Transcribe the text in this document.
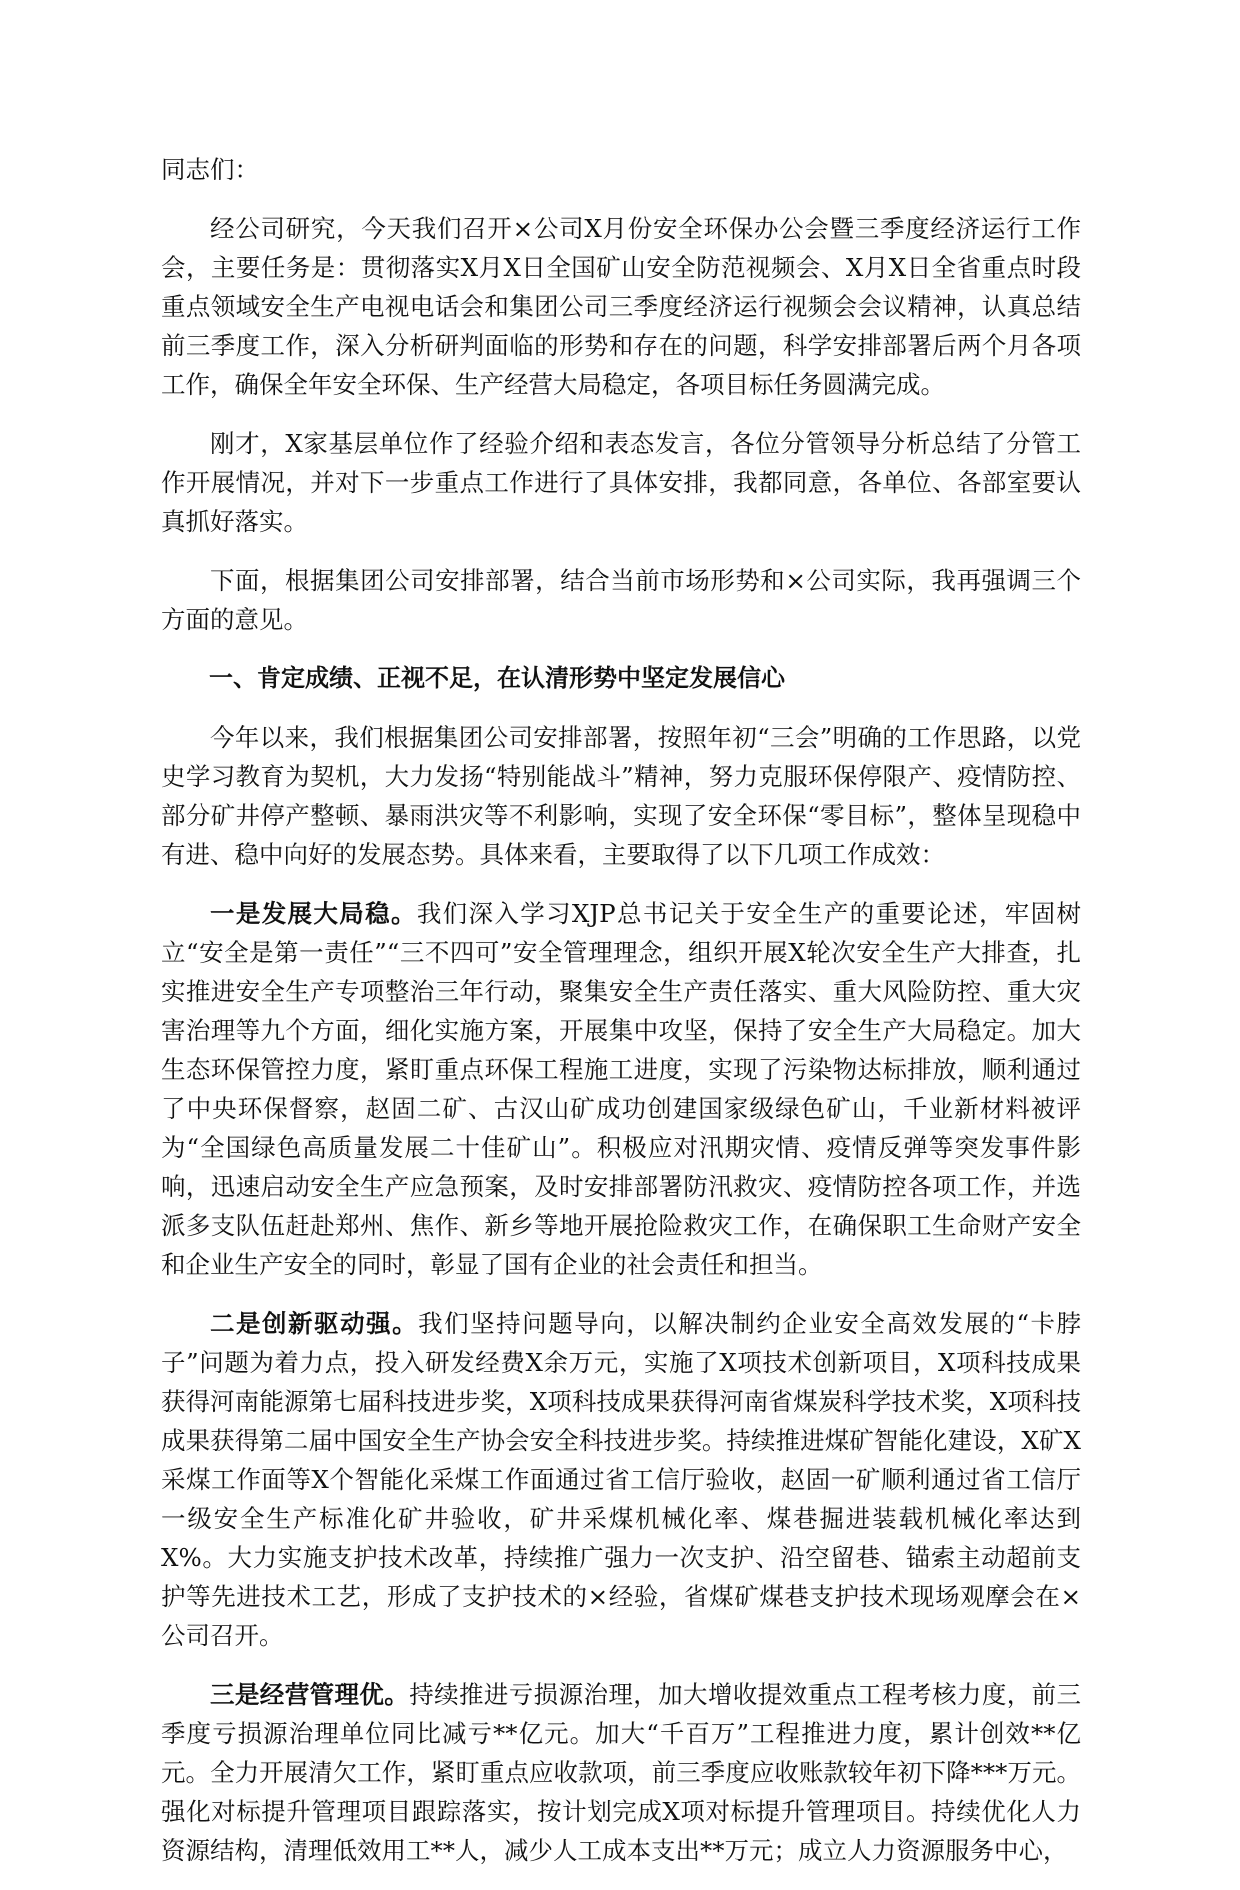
同志们：

经公司研究，今天我们召开×公司X月份安全环保办公会暨三季度经济运行工作会，主要任务是：贯彻落实X月X日全国矿山安全防范视频会、X月X日全省重点时段重点领域安全生产电视电话会和集团公司三季度经济运行视频会会议精神，认真总结前三季度工作，深入分析研判面临的形势和存在的问题，科学安排部署后两个月各项工作，确保全年安全环保、生产经营大局稳定，各项目标任务圆满完成。

刚才，X家基层单位作了经验介绍和表态发言，各位分管领导分析总结了分管工作开展情况，并对下一步重点工作进行了具体安排，我都同意，各单位、各部室要认真抓好落实。

下面，根据集团公司安排部署，结合当前市场形势和×公司实际，我再强调三个方面的意见。

一、肯定成绩、正视不足，在认清形势中坚定发展信心

今年以来，我们根据集团公司安排部署，按照年初“三会”明确的工作思路，以党史学习教育为契机，大力发扬“特别能战斗”精神，努力克服环保停限产、疫情防控、部分矿井停产整顿、暴雨洪灾等不利影响，实现了安全环保“零目标”，整体呈现稳中有进、稳中向好的发展态势。具体来看，主要取得了以下几项工作成效：

一是发展大局稳。我们深入学习XJP总书记关于安全生产的重要论述，牢固树立“安全是第一责任”“三不四可”安全管理理念，组织开展X轮次安全生产大排查，扎实推进安全生产专项整治三年行动，聚集安全生产责任落实、重大风险防控、重大灾害治理等九个方面，细化实施方案，开展集中攻坚，保持了安全生产大局稳定。加大生态环保管控力度，紧盯重点环保工程施工进度，实现了污染物达标排放，顺利通过了中央环保督察，赵固二矿、古汉山矿成功创建国家级绿色矿山，千业新材料被评为“全国绿色高质量发展二十佳矿山”。积极应对汛期灾情、疫情反弹等突发事件影响，迅速启动安全生产应急预案，及时安排部署防汛救灾、疫情防控各项工作，并选派多支队伍赶赴郑州、焦作、新乡等地开展抢险救灾工作，在确保职工生命财产安全和企业生产安全的同时，彰显了国有企业的社会责任和担当。

二是创新驱动强。我们坚持问题导向，以解决制约企业安全高效发展的“卡脖子”问题为着力点，投入研发经费X余万元，实施了X项技术创新项目，X项科技成果获得河南能源第七届科技进步奖，X项科技成果获得河南省煤炭科学技术奖，X项科技成果获得第二届中国安全生产协会安全科技进步奖。持续推进煤矿智能化建设，X矿X采煤工作面等X个智能化采煤工作面通过省工信厅验收，赵固一矿顺利通过省工信厅一级安全生产标准化矿井验收，矿井采煤机械化率、煤巷掘进装载机械化率达到X%。大力实施支护技术改革，持续推广强力一次支护、沿空留巷、锚索主动超前支护等先进技术工艺，形成了支护技术的×经验，省煤矿煤巷支护技术现场观摩会在×公司召开。

三是经营管理优。持续推进亏损源治理，加大增收提效重点工程考核力度，前三季度亏损源治理单位同比减亏**亿元。加大“千百万”工程推进力度，累计创效**亿元。全力开展清欠工作，紧盯重点应收款项，前三季度应收账款较年初下降***万元。强化对标提升管理项目跟踪落实，按计划完成X项对标提升管理项目。持续优化人力资源结构，清理低效用工**人，减少人工成本支出**万元；成立人力资源服务中心，
